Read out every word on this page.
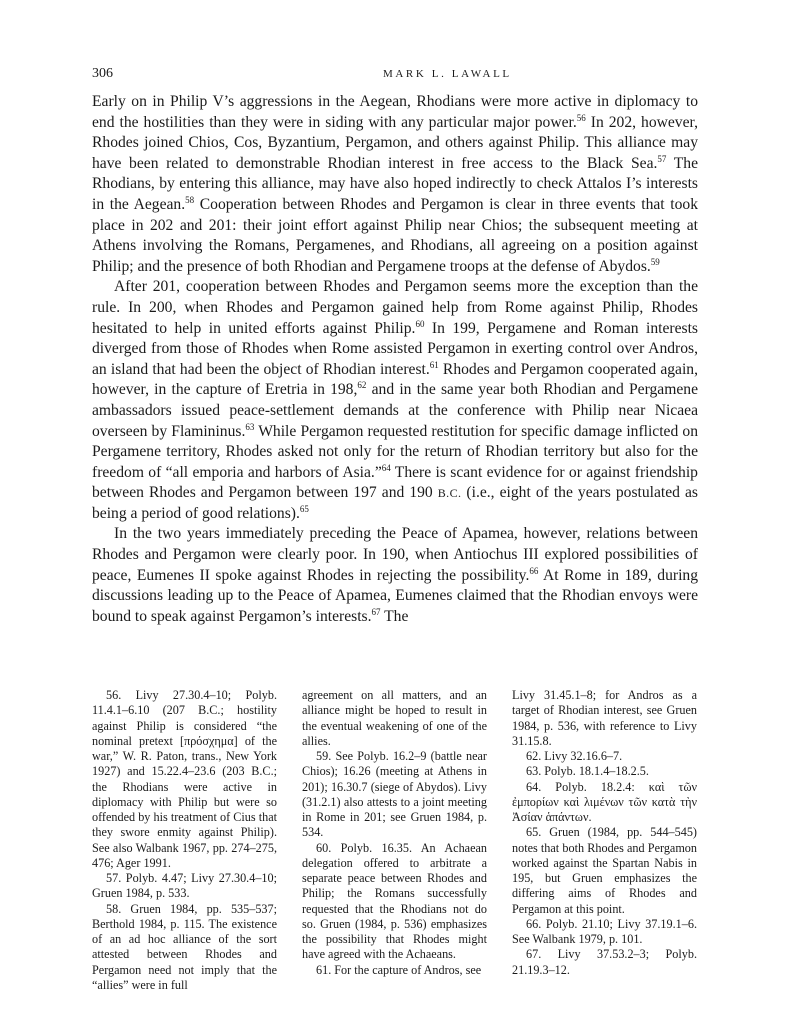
306	MARK L. LAWALL

Early on in Philip V’s aggressions in the Aegean, Rhodians were more active in diplomacy to end the hostilities than they were in siding with any particular major power.$^{56}$ In 202, however, Rhodes joined Chios, Cos, Byzantium, Pergamon, and others against Philip. This alliance may have been related to demonstrable Rhodian interest in free access to the Black Sea.$^{57}$ The Rhodians, by entering this alliance, may have also hoped indirectly to check Attalos I’s interests in the Aegean.$^{58}$ Cooperation between Rhodes and Pergamon is clear in three events that took place in 202 and 201: their joint effort against Philip near Chios; the subsequent meeting at Athens involving the Romans, Pergamenes, and Rhodians, all agreeing on a position against Philip; and the presence of both Rhodian and Pergamene troops at the defense of Abydos.$^{59}$

After 201, cooperation between Rhodes and Pergamon seems more the exception than the rule. In 200, when Rhodes and Pergamon gained help from Rome against Philip, Rhodes hesitated to help in united efforts against Philip.$^{60}$ In 199, Pergamene and Roman interests diverged from those of Rhodes when Rome assisted Pergamon in exerting control over Andros, an island that had been the object of Rhodian interest.$^{61}$ Rhodes and Pergamon cooperated again, however, in the capture of Eretria in 198,62 and in the same year both Rhodian and Pergamene ambassadors issued peace-settlement demands at the conference with Philip near Nicaea overseen by Flamininus.$^{63}$ While Pergamon requested restitution for specific damage inflicted on Pergamene territory, Rhodes asked not only for the return of Rhodian territory but also for the freedom of “all emporia and harbors of Asia.”$^{64}$ There is scant evidence for or against friendship between Rhodes and Pergamon between 197 and 190 B.C. (i.e., eight of the years postulated as being a period of good relations).$^{65}$

In the two years immediately preceding the Peace of Apamea, however, relations between Rhodes and Pergamon were clearly poor. In 190, when Antiochus III explored possibilities of peace, Eumenes II spoke against Rhodes in rejecting the possibility.$^{66}$ At Rome in 189, during discussions leading up to the Peace of Apamea, Eumenes claimed that the Rhodian envoys were bound to speak against Pergamon’s interests.$^{67}$ The

56. Livy 27.30.4–10; Polyb. 11.4.1–6.10 (207 B.C.; hostility against Philip is considered “the nominal pretext [πρόσχημα] of the war,” W. R. Paton, trans., New York 1927) and 15.22.4–23.6 (203 B.C.; the Rhodians were active in diplomacy with Philip but were so offended by his treatment of Cius that they swore enmity against Philip). See also Walbank 1967, pp. 274–275, 476; Ager 1991.

57. Polyb. 4.47; Livy 27.30.4–10; Gruen 1984, p. 533.

58. Gruen 1984, pp. 535–537; Berthold 1984, p. 115. The existence of an ad hoc alliance of the sort attested between Rhodes and Pergamon need not imply that the “allies” were in full

agreement on all matters, and an alliance might be hoped to result in the eventual weakening of one of the allies.

59. See Polyb. 16.2–9 (battle near Chios); 16.26 (meeting at Athens in 201); 16.30.7 (siege of Abydos). Livy (31.2.1) also attests to a joint meeting in Rome in 201; see Gruen 1984, p. 534.

60. Polyb. 16.35. An Achaean delegation offered to arbitrate a separate peace between Rhodes and Philip; the Romans successfully requested that the Rhodians not do so. Gruen (1984, p. 536) emphasizes the possibility that Rhodes might have agreed with the Achaeans.

61. For the capture of Andros, see

Livy 31.45.1–8; for Andros as a target of Rhodian interest, see Gruen 1984, p. 536, with reference to Livy 31.15.8.

62. Livy 32.16.6–7.

63. Polyb. 18.1.4–18.2.5.

64. Polyb. 18.2.4: καὶ τῶν ἐμπορίων καὶ λιμένων τῶν κατὰ τὴν Ἀσίαν ἁπάντων.

65. Gruen (1984, pp. 544–545) notes that both Rhodes and Pergamon worked against the Spartan Nabis in 195, but Gruen emphasizes the differing aims of Rhodes and Pergamon at this point.

66. Polyb. 21.10; Livy 37.19.1–6. See Walbank 1979, p. 101.

67. Livy 37.53.2–3; Polyb. 21.19.3–12.
